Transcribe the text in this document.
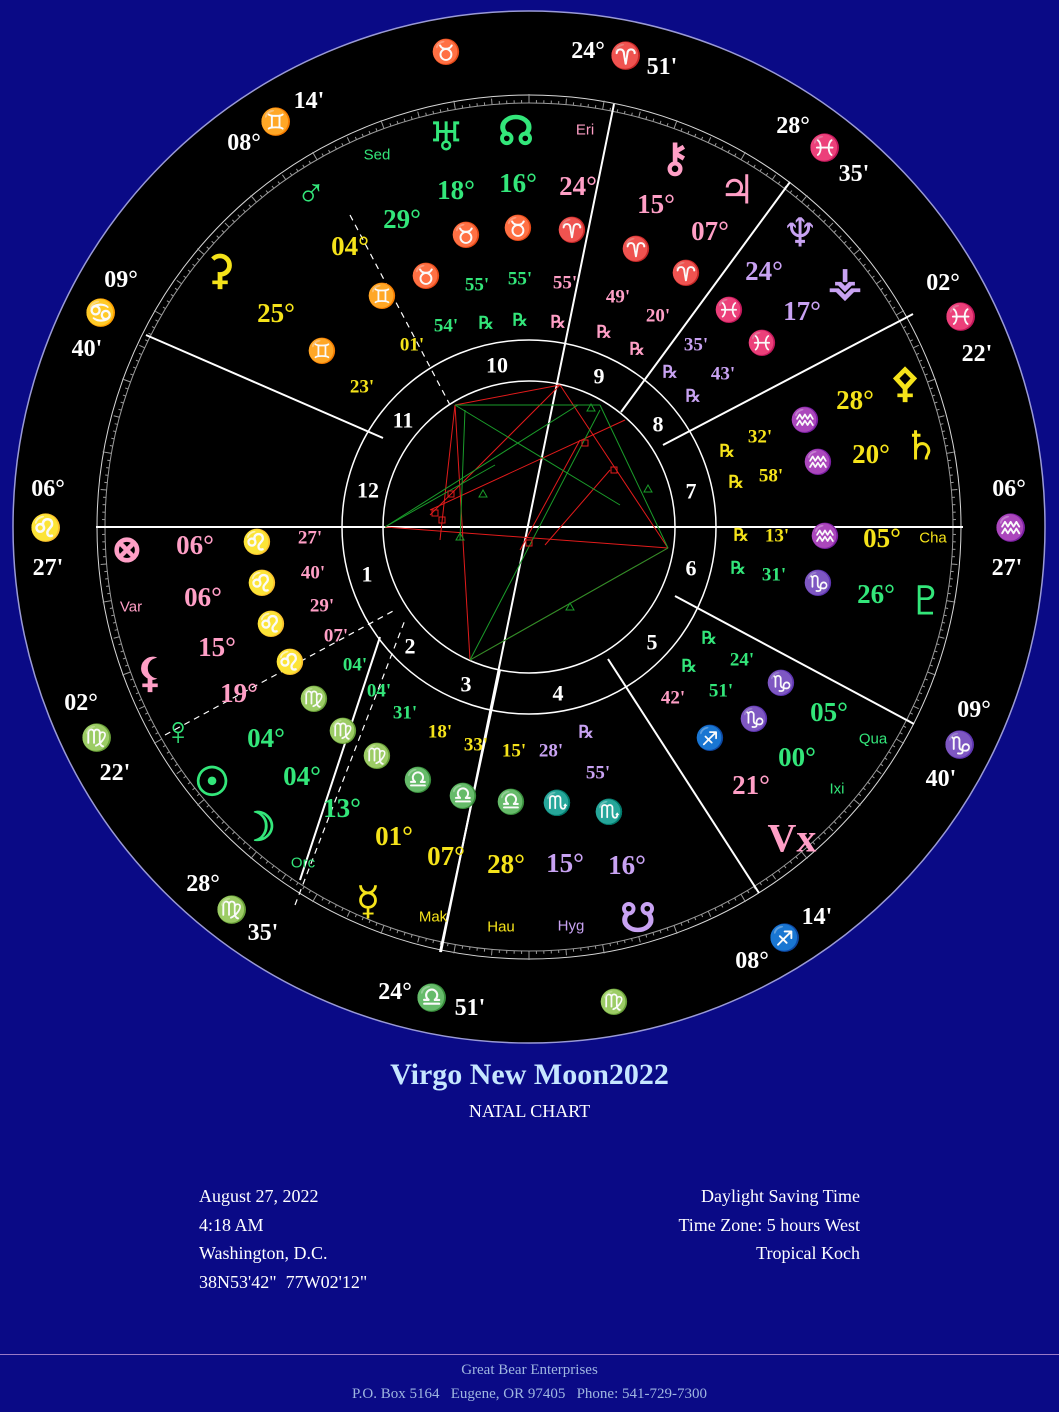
1
2
3	4
5
6
7
8
9
10
11
12
06°
♌
27'
08°
♊
14'
24° ♈ 51'
28°
♓
35'
02°
♓
22'
06°
♒
27'
02°
♍
22'
28°
♍
35'
24° ♎ 51'
08°
♐
14'
09°
♑
40'
09°
♋
40'
♉
♍
♅
18°
♉
55'
℞
☊
16°
♉
55'
℞
24°
♈
55'
℞
♂
29°
♉
54'
04°
♊
01'
⚳
25°
♊
23'
⚷
15°
♈
49'
℞
♃
07°
♈
20'
℞
♆
24°
♓
35'
℞
⚶
17°
♓
43'
℞	⚴
28°
♒
32'
℞	♄
20°
♒
58'
℞
05°
♒
13'
℞
♇
26°
♑
31'
℞
05°
♑
24'
℞
00°
♑
51'
℞
Vx
21°
♐
42'
16°
♏
55'
℞
15°
♏
28'
28°
♎
15'
☿
07°
♎
33'
01°
♎
18'
☽ 13°
♍
31'
☉ 04°
♍
04'
♀ 04°
♍
04'
⚸ 19°
♌
07'
15°
♌
29'
⊗ 06° ♌ 27'
06° ♌ 40'
☋
Eri
Sed
Var
Orc
Mak
Hau	Hyg
Ixi
Qua
Cha
Virgo New Moon2022
NATAL CHART
August 27, 2022
4:18 AM
Washington, D.C.
38N53'42"  77W02'12"
Daylight Saving Time
Time Zone: 5 hours West
Tropical Koch
Great Bear Enterprises
P.O. Box 5164   Eugene, OR 97405   Phone: 541-729-7300
